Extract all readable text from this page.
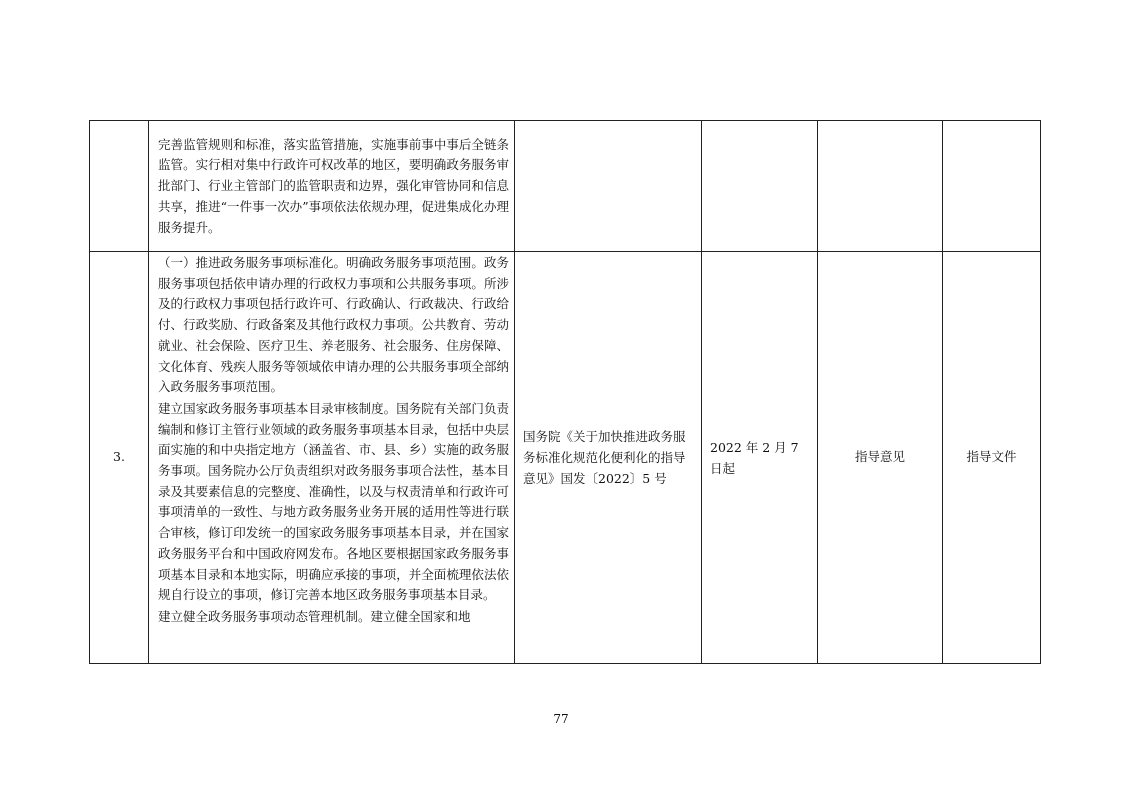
	完善监管规则和标准，落实监管措施，实施事前事中事后全链条监管。实行相对集中行政许可权改革的地区，要明确政务服务审批部门、行业主管部门的监管职责和边界，强化审管协同和信息共享，推进“一件事一次办”事项依法依规办理，促进集成化办理服务提升。				

3.	（一）推进政务服务事项标准化。明确政务服务事项范围。政务服务事项包括依申请办理的行政权力事项和公共服务事项。所涉及的行政权力事项包括行政许可、行政确认、行政裁决、行政给付、行政奖励、行政备案及其他行政权力事项。公共教育、劳动就业、社会保险、医疗卫生、养老服务、社会服务、住房保障、文化体育、残疾人服务等领域依申请办理的公共服务事项全部纳入政务服务事项范围。
建立国家政务服务事项基本目录审核制度。国务院有关部门负责编制和修订主管行业领域的政务服务事项基本目录，包括中央层面实施的和中央指定地方（涵盖省、市、县、乡）实施的政务服务事项。国务院办公厅负责组织对政务服务事项合法性，基本目录及其要素信息的完整度、准确性，以及与权责清单和行政许可事项清单的一致性、与地方政务服务业务开展的适用性等进行联合审核，修订印发统一的国家政务服务事项基本目录，并在国家政务服务平台和中国政府网发布。各地区要根据国家政务服务事项基本目录和本地实际，明确应承接的事项，并全面梳理依法依规自行设立的事项，修订完善本地区政务服务事项基本目录。
建立健全政务服务事项动态管理机制。建立健全国家和地	国务院《关于加快推进政务服务标准化规范化便利化的指导意见》国发〔2022〕5 号	2022 年 2 月 7 日起	指导意见	指导文件
77
